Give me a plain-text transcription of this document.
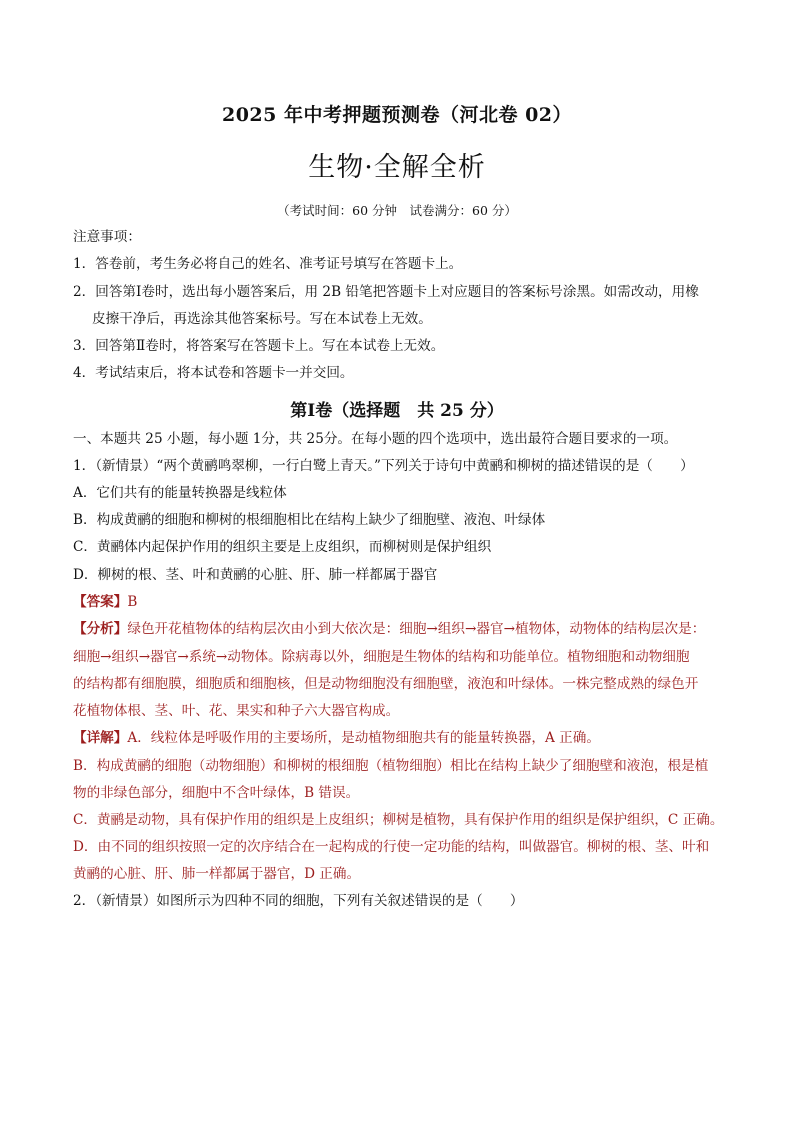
2025 年中考押题预测卷（河北卷 02）
生物·全解全析
（考试时间：60 分钟　试卷满分：60 分）
注意事项：
1．答卷前，考生务必将自己的姓名、准考证号填写在答题卡上。
2．回答第Ⅰ卷时，选出每小题答案后，用 2B 铅笔把答题卡上对应题目的答案标号涂黑。如需改动，用橡
皮擦干净后，再选涂其他答案标号。写在本试卷上无效。
3．回答第Ⅱ卷时，将答案写在答题卡上。写在本试卷上无效。
4．考试结束后，将本试卷和答题卡一并交回。
第Ⅰ卷（选择题　共 25 分）
一、本题共 25 小题，每小题 1分，共 25分。在每小题的四个选项中，选出最符合题目要求的一项。
1．（新情景）“两个黄鹂鸣翠柳，一行白鹭上青天。”下列关于诗句中黄鹂和柳树的描述错误的是（　　）
A．它们共有的能量转换器是线粒体
B．构成黄鹂的细胞和柳树的根细胞相比在结构上缺少了细胞壁、液泡、叶绿体
C．黄鹂体内起保护作用的组织主要是上皮组织，而柳树则是保护组织
D．柳树的根、茎、叶和黄鹂的心脏、肝、肺一样都属于器官
【答案】B
【分析】绿色开花植物体的结构层次由小到大依次是：细胞→组织→器官→植物体，动物体的结构层次是：
细胞→组织→器官→系统→动物体。除病毒以外，细胞是生物体的结构和功能单位。植物细胞和动物细胞
的结构都有细胞膜，细胞质和细胞核，但是动物细胞没有细胞壁，液泡和叶绿体。一株完整成熟的绿色开
花植物体根、茎、叶、花、果实和种子六大器官构成。
【详解】A．线粒体是呼吸作用的主要场所，是动植物细胞共有的能量转换器，A 正确。
B．构成黄鹂的细胞（动物细胞）和柳树的根细胞（植物细胞）相比在结构上缺少了细胞壁和液泡，根是植
物的非绿色部分，细胞中不含叶绿体，B 错误。
C．黄鹂是动物，具有保护作用的组织是上皮组织；柳树是植物，具有保护作用的组织是保护组织，C 正确。
D．由不同的组织按照一定的次序结合在一起构成的行使一定功能的结构，叫做器官。柳树的根、茎、叶和
黄鹂的心脏、肝、肺一样都属于器官，D 正确。
2．（新情景）如图所示为四种不同的细胞，下列有关叙述错误的是（　　）
